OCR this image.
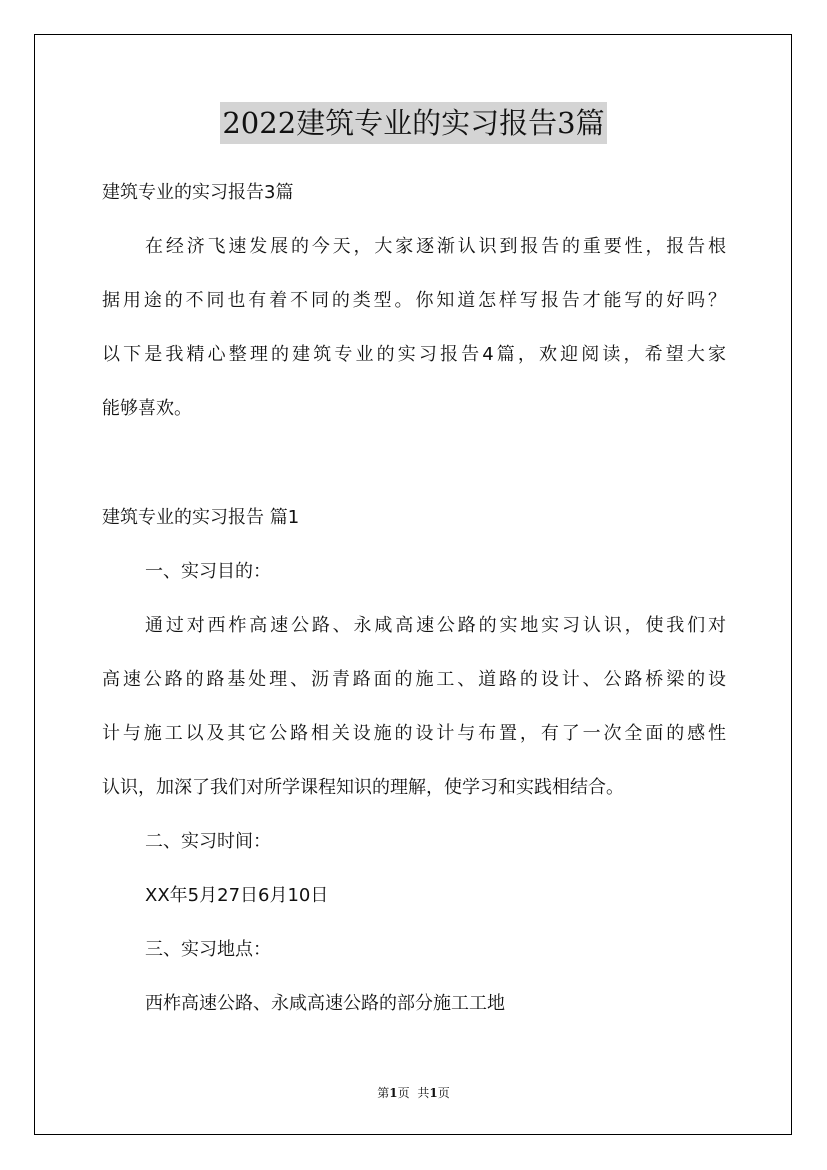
2022建筑专业的实习报告3篇
建筑专业的实习报告3篇
在经济飞速发展的今天，大家逐渐认识到报告的重要性，报告根
据用途的不同也有着不同的类型。你知道怎样写报告才能写的好吗？
以下是我精心整理的建筑专业的实习报告4篇，欢迎阅读，希望大家
能够喜欢。
建筑专业的实习报告 篇1
一、实习目的：
通过对西柞高速公路、永咸高速公路的实地实习认识，使我们对
高速公路的路基处理、沥青路面的施工、道路的设计、公路桥梁的设
计与施工以及其它公路相关设施的设计与布置，有了一次全面的感性
认识，加深了我们对所学课程知识的理解，使学习和实践相结合。
二、实习时间：
XX年5月27日6月10日
三、实习地点：
西柞高速公路、永咸高速公路的部分施工工地
第1页 共1页
